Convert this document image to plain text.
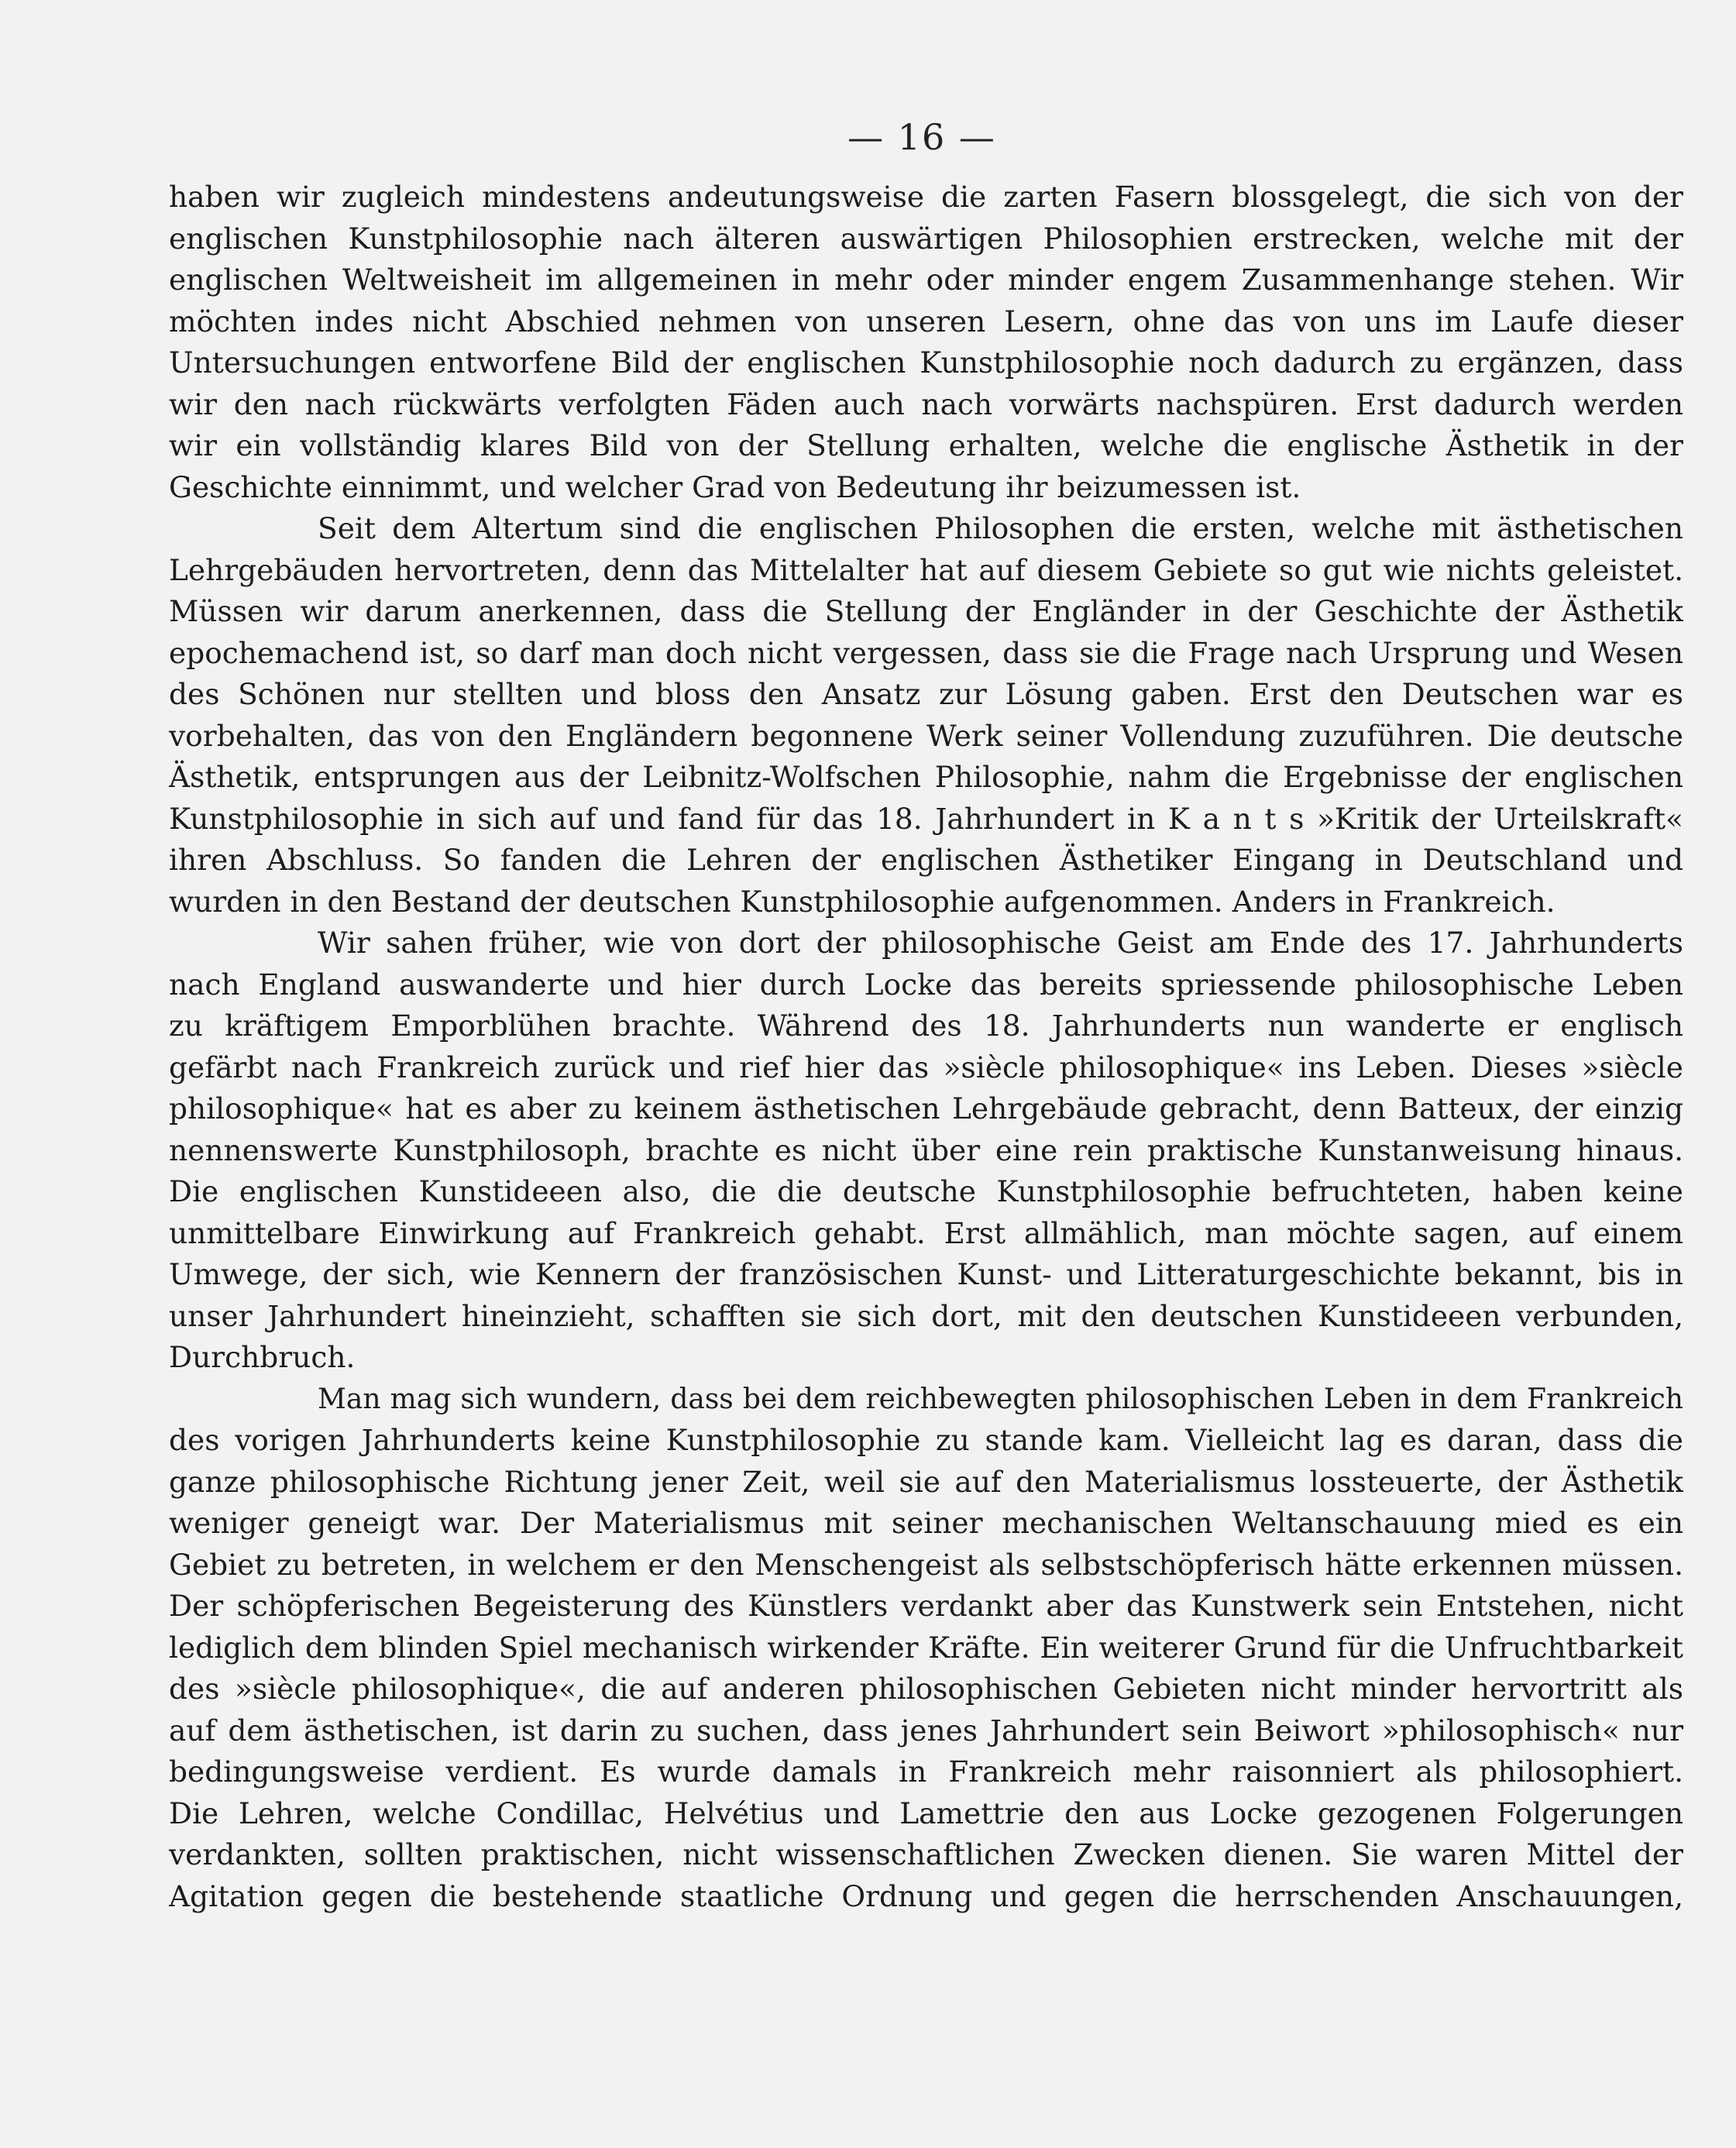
— 16 —
haben wir zugleich mindestens andeutungsweise die zarten Fasern blossgelegt, die sich von der
englischen Kunstphilosophie nach älteren auswärtigen Philosophien erstrecken, welche mit der
englischen Weltweisheit im allgemeinen in mehr oder minder engem Zusammenhange stehen. Wir
möchten indes nicht Abschied nehmen von unseren Lesern, ohne das von uns im Laufe dieser
Untersuchungen entworfene Bild der englischen Kunstphilosophie noch dadurch zu ergänzen, dass
wir den nach rückwärts verfolgten Fäden auch nach vorwärts nachspüren. Erst dadurch werden
wir ein vollständig klares Bild von der Stellung erhalten, welche die englische Ästhetik in der
Geschichte einnimmt, und welcher Grad von Bedeutung ihr beizumessen ist.
Seit dem Altertum sind die englischen Philosophen die ersten, welche mit ästhetischen
Lehrgebäuden hervortreten, denn das Mittelalter hat auf diesem Gebiete so gut wie nichts geleistet.
Müssen wir darum anerkennen, dass die Stellung der Engländer in der Geschichte der Ästhetik
epochemachend ist, so darf man doch nicht vergessen, dass sie die Frage nach Ursprung und Wesen
des Schönen nur stellten und bloss den Ansatz zur Lösung gaben. Erst den Deutschen war es
vorbehalten, das von den Engländern begonnene Werk seiner Vollendung zuzuführen. Die deutsche
Ästhetik, entsprungen aus der Leibnitz-Wolfschen Philosophie, nahm die Ergebnisse der englischen
Kunstphilosophie in sich auf und fand für das 18. Jahrhundert in K a n t s »Kritik der Urteilskraft«
ihren Abschluss. So fanden die Lehren der englischen Ästhetiker Eingang in Deutschland und
wurden in den Bestand der deutschen Kunstphilosophie aufgenommen. Anders in Frankreich.
Wir sahen früher, wie von dort der philosophische Geist am Ende des 17. Jahrhunderts
nach England auswanderte und hier durch Locke das bereits spriessende philosophische Leben
zu kräftigem Emporblühen brachte. Während des 18. Jahrhunderts nun wanderte er englisch
gefärbt nach Frankreich zurück und rief hier das »siècle philosophique« ins Leben. Dieses »siècle
philosophique« hat es aber zu keinem ästhetischen Lehrgebäude gebracht, denn Batteux, der einzig
nennenswerte Kunstphilosoph, brachte es nicht über eine rein praktische Kunstanweisung hinaus.
Die englischen Kunstideeen also, die die deutsche Kunstphilosophie befruchteten, haben keine
unmittelbare Einwirkung auf Frankreich gehabt. Erst allmählich, man möchte sagen, auf einem
Umwege, der sich, wie Kennern der französischen Kunst- und Litteraturgeschichte bekannt, bis in
unser Jahrhundert hineinzieht, schafften sie sich dort, mit den deutschen Kunstideeen verbunden,
Durchbruch.
Man mag sich wundern, dass bei dem reichbewegten philosophischen Leben in dem Frankreich
des vorigen Jahrhunderts keine Kunstphilosophie zu stande kam. Vielleicht lag es daran, dass die
ganze philosophische Richtung jener Zeit, weil sie auf den Materialismus lossteuerte, der Ästhetik
weniger geneigt war. Der Materialismus mit seiner mechanischen Weltanschauung mied es ein
Gebiet zu betreten, in welchem er den Menschengeist als selbstschöpferisch hätte erkennen müssen.
Der schöpferischen Begeisterung des Künstlers verdankt aber das Kunstwerk sein Entstehen, nicht
lediglich dem blinden Spiel mechanisch wirkender Kräfte. Ein weiterer Grund für die Unfruchtbarkeit
des »siècle philosophique«, die auf anderen philosophischen Gebieten nicht minder hervortritt als
auf dem ästhetischen, ist darin zu suchen, dass jenes Jahrhundert sein Beiwort »philosophisch« nur
bedingungsweise verdient. Es wurde damals in Frankreich mehr raisonniert als philosophiert.
Die Lehren, welche Condillac, Helvétius und Lamettrie den aus Locke gezogenen Folgerungen
verdankten, sollten praktischen, nicht wissenschaftlichen Zwecken dienen. Sie waren Mittel der
Agitation gegen die bestehende staatliche Ordnung und gegen die herrschenden Anschauungen,
